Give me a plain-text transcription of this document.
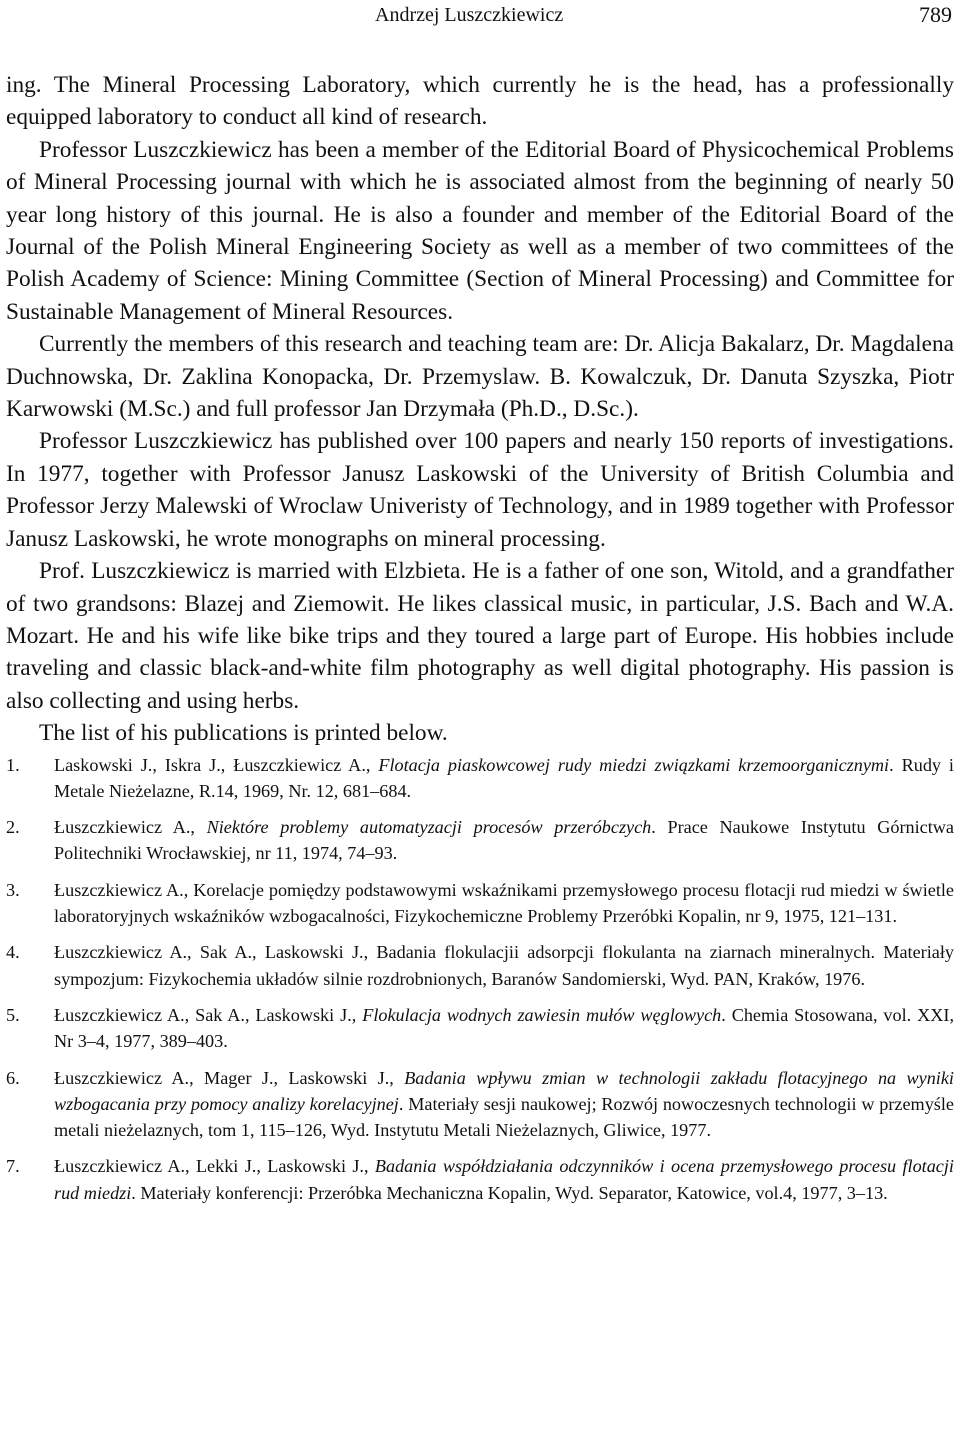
Andrzej Luszczkiewicz	789

ing. The Mineral Processing Laboratory, which currently he is the head, has a professionally equipped laboratory to conduct all kind of research.

Professor Luszczkiewicz has been a member of the Editorial Board of Physicochemical Problems of Mineral Processing journal with which he is associated almost from the beginning of nearly 50 year long history of this journal. He is also a founder and member of the Editorial Board of the Journal of the Polish Mineral Engineering Society as well as a member of two committees of the Polish Academy of Science: Mining Committee (Section of Mineral Processing) and Committee for Sustainable Management of Mineral Resources.

Currently the members of this research and teaching team are: Dr. Alicja Bakalarz, Dr. Magdalena Duchnowska, Dr. Zaklina Konopacka, Dr. Przemyslaw. B. Kowalczuk, Dr. Danuta Szyszka, Piotr Karwowski (M.Sc.) and full professor Jan Drzymała (Ph.D., D.Sc.).

Professor Luszczkiewicz has published over 100 papers and nearly 150 reports of investigations. In 1977, together with Professor Janusz Laskowski of the University of British Columbia and Professor Jerzy Malewski of Wroclaw Univeristy of Technology, and in 1989 together with Professor Janusz Laskowski, he wrote monographs on mineral processing.

Prof. Luszczkiewicz is married with Elzbieta. He is a father of one son, Witold, and a grandfather of two grandsons: Blazej and Ziemowit. He likes classical music, in particular, J.S. Bach and W.A. Mozart. He and his wife like bike trips and they toured a large part of Europe. His hobbies include traveling and classic black-and-white film photography as well digital photography. His passion is also collecting and using herbs.

The list of his publications is printed below.

1. Laskowski J., Iskra J., Łuszczkiewicz A., Flotacja piaskowcowej rudy miedzi związkami krzemoorganicznymi. Rudy i Metale Nieżelazne, R.14, 1969, Nr. 12, 681–684.
2. Łuszczkiewicz A., Niektóre problemy automatyzacji procesów przeróbczych. Prace Naukowe Instytutu Górnictwa Politechniki Wrocławskiej, nr 11, 1974, 74–93.
3. Łuszczkiewicz A., Korelacje pomiędzy podstawowymi wskaźnikami przemysłowego procesu flotacji rud miedzi w świetle laboratoryjnych wskaźników wzbogacalności, Fizykochemiczne Problemy Przeróbki Kopalin, nr 9, 1975, 121–131.
4. Łuszczkiewicz A., Sak A., Laskowski J., Badania flokulacjii adsorpcji flokulanta na ziarnach mineralnych. Materiały sympozjum: Fizykochemia układów silnie rozdrobnionych, Baranów Sandomierski, Wyd. PAN, Kraków, 1976.
5. Łuszczkiewicz A., Sak A., Laskowski J., Flokulacja wodnych zawiesin mułów węglowych. Chemia Stosowana, vol. XXI, Nr 3–4, 1977, 389–403.
6. Łuszczkiewicz A., Mager J., Laskowski J., Badania wpływu zmian w technologii zakładu flotacyjnego na wyniki wzbogacania przy pomocy analizy korelacyjnej. Materiały sesji naukowej; Rozwój nowoczesnych technologii w przemyśle metali nieżelaznych, tom 1, 115–126, Wyd. Instytutu Metali Nieżelaznych, Gliwice, 1977.
7. Łuszczkiewicz A., Lekki J., Laskowski J., Badania współdziałania odczynników i ocena przemysłowego procesu flotacji rud miedzi. Materiały konferencji: Przeróbka Mechaniczna Kopalin, Wyd. Separator, Katowice, vol.4, 1977, 3–13.
